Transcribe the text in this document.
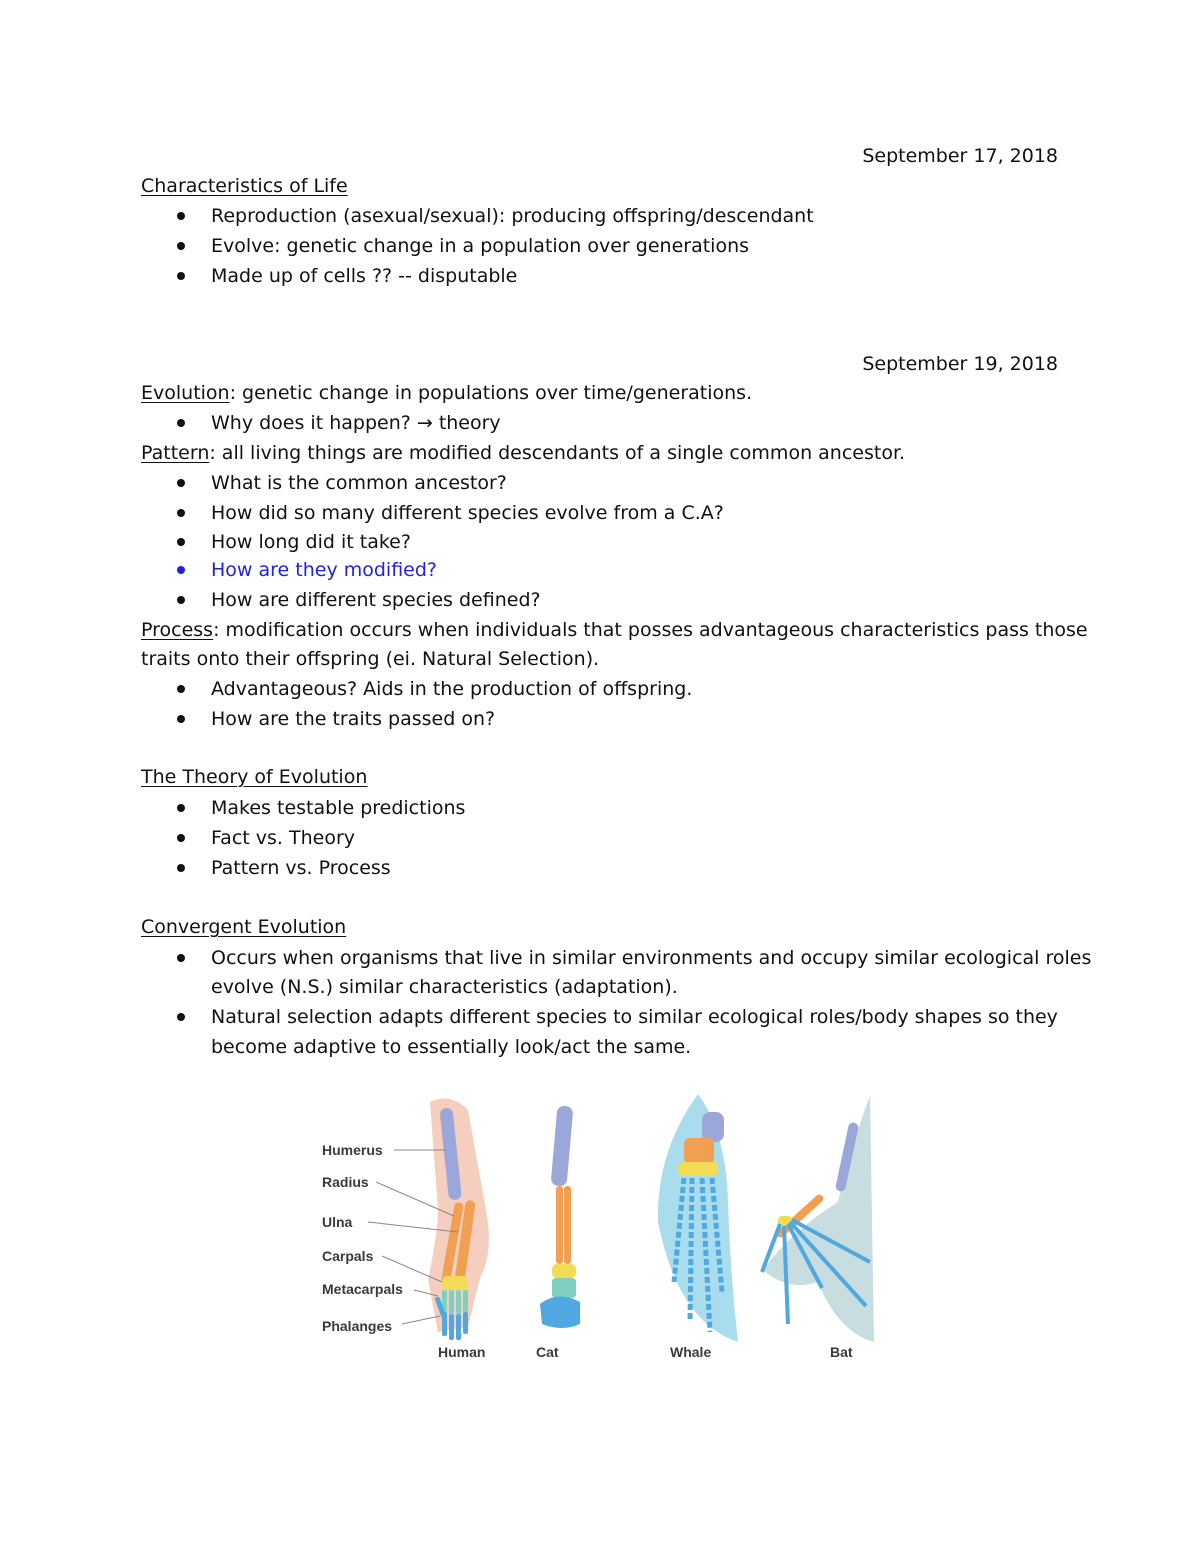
September 17, 2018
Characteristics of Life
Reproduction (asexual/sexual): producing offspring/descendant
Evolve: genetic change in a population over generations
Made up of cells ?? -- disputable
September 19, 2018
Evolution: genetic change in populations over time/generations.
Why does it happen? → theory
Pattern: all living things are modified descendants of a single common ancestor.
What is the common ancestor?
How did so many different species evolve from a C.A?
How long did it take?
How are they modified?
How are different species defined?
Process: modification occurs when individuals that posses advantageous characteristics pass those
traits onto their offspring (ei. Natural Selection).
Advantageous? Aids in the production of offspring.
How are the traits passed on?
The Theory of Evolution
Makes testable predictions
Fact vs. Theory
Pattern vs. Process
Convergent Evolution
Occurs when organisms that live in similar environments and occupy similar ecological roles
evolve (N.S.) similar characteristics (adaptation).
Natural selection adapts different species to similar ecological roles/body shapes so they
become adaptive to essentially look/act the same.
Humerus
Radius
Ulna
Carpals
Metacarpals
Phalanges
Human	Cat	Whale	Bat
